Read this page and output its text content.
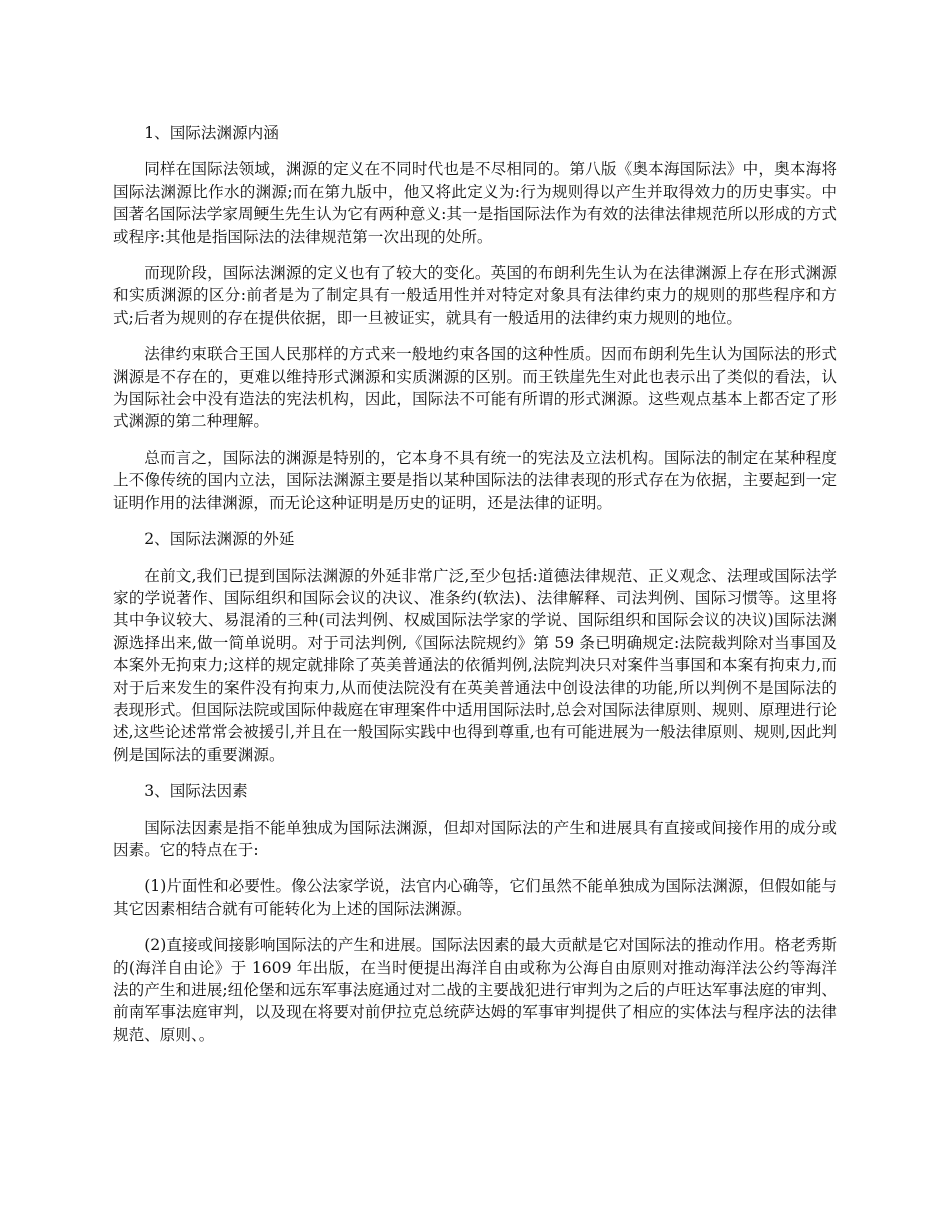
1、国际法渊源内涵

同样在国际法领域，渊源的定义在不同时代也是不尽相同的。第八版《奥本海国际法》中，奥本海将国际法渊源比作水的渊源;而在第九版中，他又将此定义为:行为规则得以产生并取得效力的历史事实。中国著名国际法学家周鲠生先生认为它有两种意义:其一是指国际法作为有效的法律法律规范所以形成的方式或程序:其他是指国际法的法律规范第一次出现的处所。

而现阶段，国际法渊源的定义也有了较大的变化。英国的布朗利先生认为在法律渊源上存在形式渊源和实质渊源的区分:前者是为了制定具有一般适用性并对特定对象具有法律约束力的规则的那些程序和方式;后者为规则的存在提供依据，即一旦被证实，就具有一般适用的法律约束力规则的地位。

法律约束联合王国人民那样的方式来一般地约束各国的这种性质。因而布朗利先生认为国际法的形式渊源是不存在的，更难以维持形式渊源和实质渊源的区别。而王铁崖先生对此也表示出了类似的看法，认为国际社会中没有造法的宪法机构，因此，国际法不可能有所谓的形式渊源。这些观点基本上都否定了形式渊源的第二种理解。

总而言之，国际法的渊源是特别的，它本身不具有统一的宪法及立法机构。国际法的制定在某种程度上不像传统的国内立法，国际法渊源主要是指以某种国际法的法律表现的形式存在为依据，主要起到一定证明作用的法律渊源，而无论这种证明是历史的证明，还是法律的证明。

2、国际法渊源的外延

在前文,我们已提到国际法渊源的外延非常广泛,至少包括:道德法律规范、正义观念、法理或国际法学家的学说著作、国际组织和国际会议的决议、准条约(软法)、法律解释、司法判例、国际习惯等。这里将其中争议较大、易混淆的三种(司法判例、权威国际法学家的学说、国际组织和国际会议的决议)国际法渊源选择出来,做一简单说明。对于司法判例,《国际法院规约》第 59 条已明确规定:法院裁判除对当事国及本案外无拘束力;这样的规定就排除了英美普通法的依循判例,法院判决只对案件当事国和本案有拘束力,而对于后来发生的案件没有拘束力,从而使法院没有在英美普通法中创设法律的功能,所以判例不是国际法的表现形式。但国际法院或国际仲裁庭在审理案件中适用国际法时,总会对国际法律原则、规则、原理进行论述,这些论述常常会被援引,并且在一般国际实践中也得到尊重,也有可能进展为一般法律原则、规则,因此判例是国际法的重要渊源。

3、国际法因素

国际法因素是指不能单独成为国际法渊源，但却对国际法的产生和进展具有直接或间接作用的成分或因素。它的特点在于:

(1)片面性和必要性。像公法家学说，法官内心确等，它们虽然不能单独成为国际法渊源，但假如能与其它因素相结合就有可能转化为上述的国际法渊源。

(2)直接或间接影响国际法的产生和进展。国际法因素的最大贡献是它对国际法的推动作用。格老秀斯的(海洋自由论》于 1609 年出版，在当时便提出海洋自由或称为公海自由原则对推动海洋法公约等海洋法的产生和进展;纽伦堡和远东军事法庭通过对二战的主要战犯进行审判为之后的卢旺达军事法庭的审判、前南军事法庭审判，以及现在将要对前伊拉克总统萨达姆的军事审判提供了相应的实体法与程序法的法律规范、原则、。
